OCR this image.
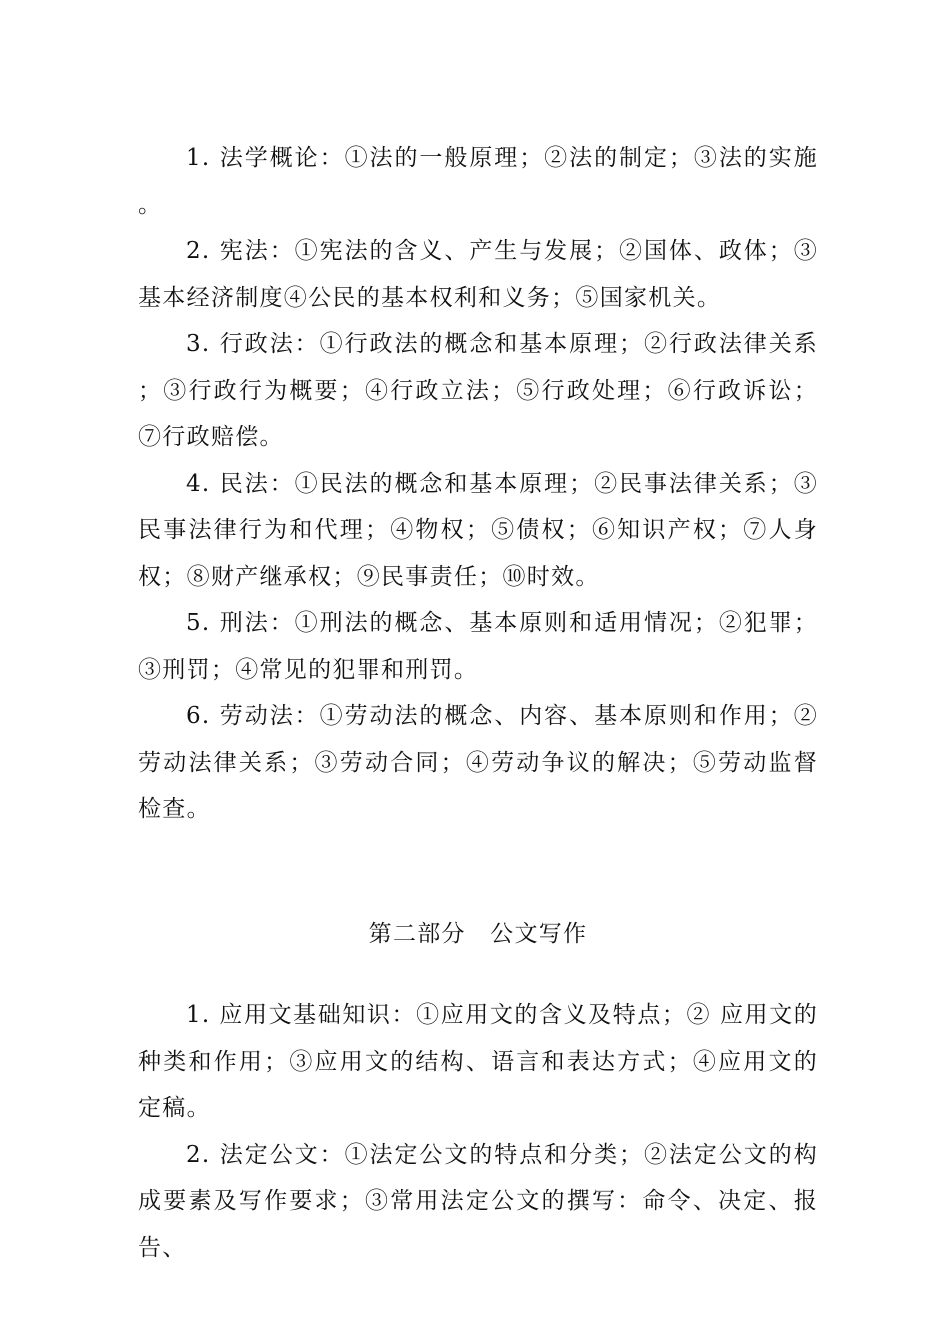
1. 法学概论：①法的一般原理；②法的制定；③法的实施。

2. 宪法：①宪法的含义、产生与发展；②国体、政体；③基本经济制度④公民的基本权利和义务；⑤国家机关。

3. 行政法：①行政法的概念和基本原理；②行政法律关系；③行政行为概要；④行政立法；⑤行政处理；⑥行政诉讼；⑦行政赔偿。

4. 民法：①民法的概念和基本原理；②民事法律关系；③民事法律行为和代理；④物权；⑤债权；⑥知识产权；⑦人身权；⑧财产继承权；⑨民事责任；⑩时效。

5. 刑法：①刑法的概念、基本原则和适用情况；②犯罪；③刑罚；④常见的犯罪和刑罚。

6. 劳动法：①劳动法的概念、内容、基本原则和作用；②劳动法律关系；③劳动合同；④劳动争议的解决；⑤劳动监督检查。

第二部分　公文写作

1. 应用文基础知识：①应用文的含义及特点；② 应用文的种类和作用；③应用文的结构、语言和表达方式；④应用文的定稿。

2. 法定公文：①法定公文的特点和分类；②法定公文的构成要素及写作要求；③常用法定公文的撰写：命令、决定、报告、
